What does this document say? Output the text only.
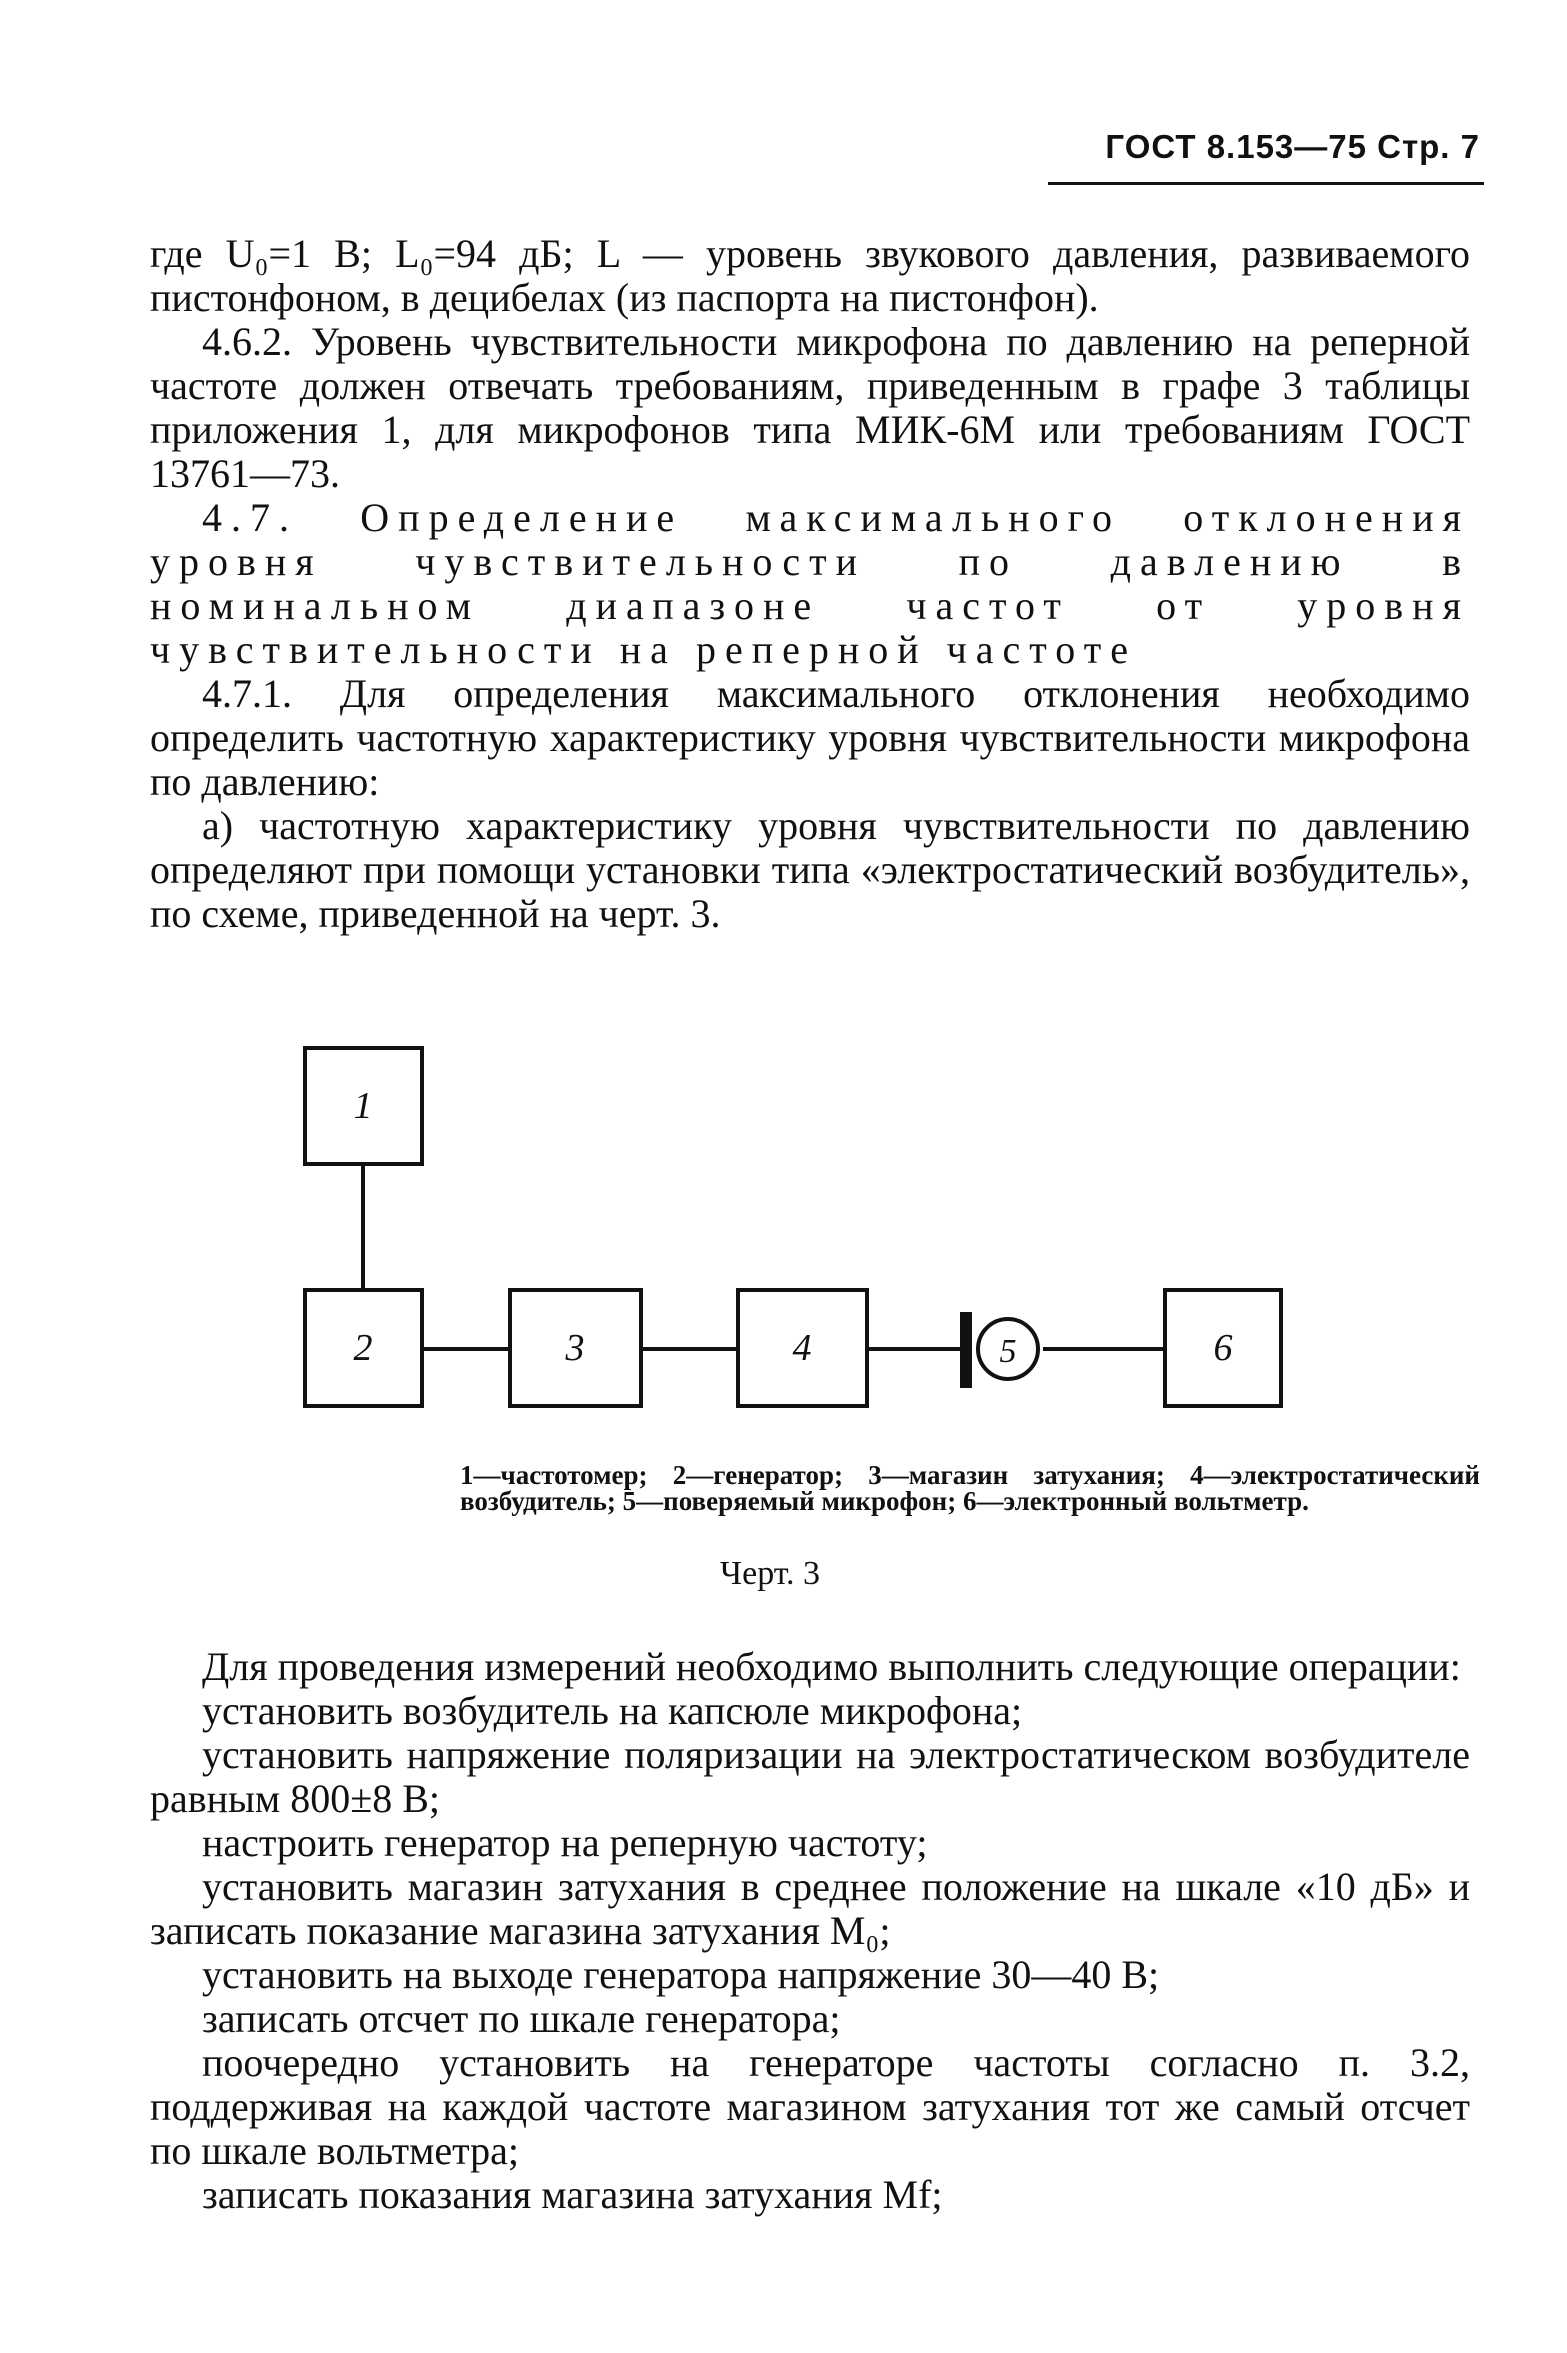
ГОСТ 8.153—75 Стр. 7

где U₀=1 В; L₀=94 дБ; L — уровень звукового давления, развиваемого пистонфоном, в децибелах (из паспорта на пистонфон).

4.6.2. Уровень чувствительности микрофона по давлению на реперной частоте должен отвечать требованиям, приведенным в графе 3 таблицы приложения 1, для микрофонов типа МИК-6М или требованиям ГОСТ 13761—73.

4.7. Определение максимального отклонения уровня чувствительности по давлению в номинальном диапазоне частот от уровня чувствительности на реперной частоте

4.7.1. Для определения максимального отклонения необходимо определить частотную характеристику уровня чувствительности микрофона по давлению:

а) частотную характеристику уровня чувствительности по давлению определяют при помощи установки типа «электростатический возбудитель», по схеме, приведенной на черт. 3.

1
2	3	4	5	6
1—частотомер; 2—генератор; 3—магазин затухания; 4—электростатический возбудитель; 5—поверяемый микрофон; 6—электронный вольтметр.
Черт. 3

Для проведения измерений необходимо выполнить следующие операции:

установить возбудитель на капсюле микрофона;

установить напряжение поляризации на электростатическом возбудителе равным 800±8 В;

настроить генератор на реперную частоту;

установить магазин затухания в среднее положение на шкале «10 дБ» и записать показание магазина затухания M₀;

установить на выходе генератора напряжение 30—40 В;

записать отсчет по шкале генератора;

поочередно установить на генераторе частоты согласно п. 3.2, поддерживая на каждой частоте магазином затухания тот же самый отсчет по шкале вольтметра;

записать показания магазина затухания Mf;
